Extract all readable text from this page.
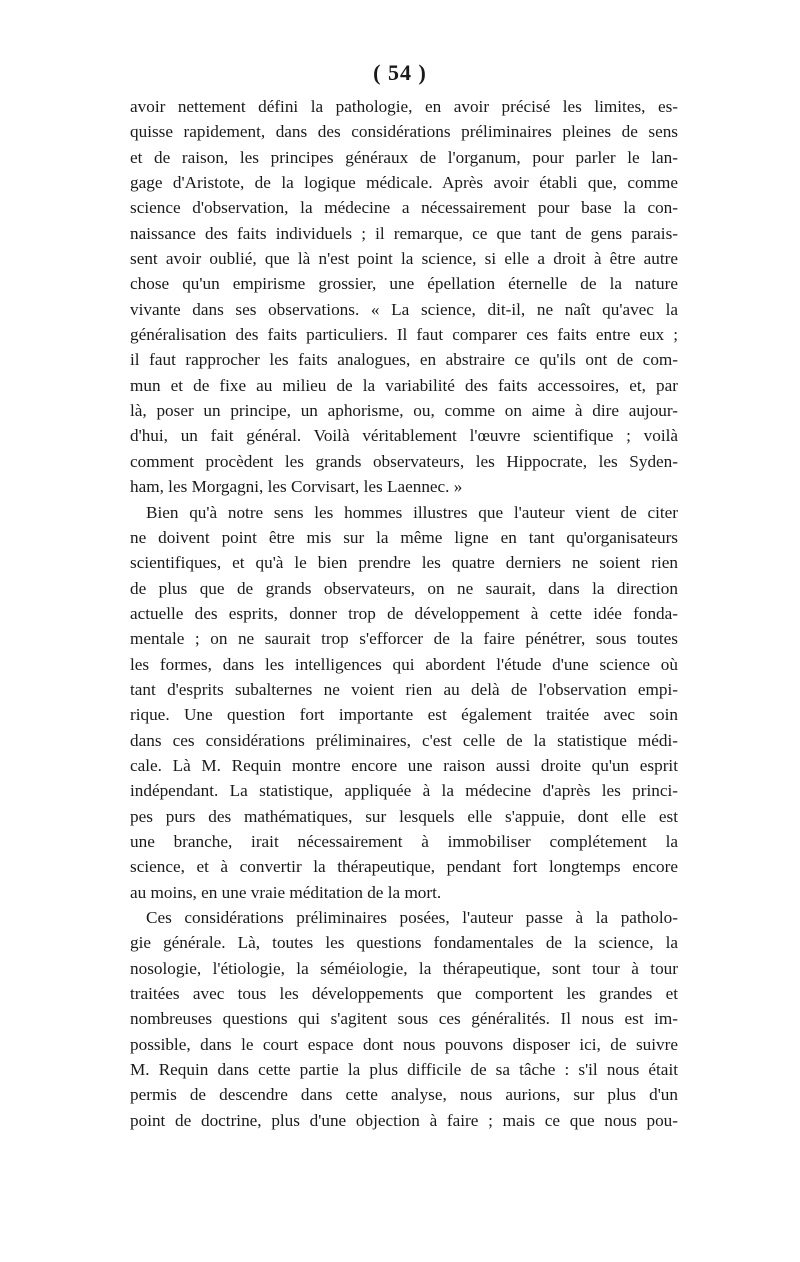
( 54 )
avoir nettement défini la pathologie, en avoir précisé les limites, es-
quisse rapidement, dans des considérations préliminaires pleines de sens
et de raison, les principes généraux de l'organum, pour parler le lan-
gage d'Aristote, de la logique médicale. Après avoir établi que, comme
science d'observation, la médecine a nécessairement pour base la con-
naissance des faits individuels ; il remarque, ce que tant de gens parais-
sent avoir oublié, que là n'est point la science, si elle a droit à être autre
chose qu'un empirisme grossier, une épellation éternelle de la nature
vivante dans ses observations. « La science, dit-il, ne naît qu'avec la
généralisation des faits particuliers. Il faut comparer ces faits entre eux ;
il faut rapprocher les faits analogues, en abstraire ce qu'ils ont de com-
mun et de fixe au milieu de la variabilité des faits accessoires, et, par
là, poser un principe, un aphorisme, ou, comme on aime à dire aujour-
d'hui, un fait général. Voilà véritablement l'œuvre scientifique ; voilà
comment procèdent les grands observateurs, les Hippocrate, les Syden-
ham, les Morgagni, les Corvisart, les Laennec. »
Bien qu'à notre sens les hommes illustres que l'auteur vient de citer
ne doivent point être mis sur la même ligne en tant qu'organisateurs
scientifiques, et qu'à le bien prendre les quatre derniers ne soient rien
de plus que de grands observateurs, on ne saurait, dans la direction
actuelle des esprits, donner trop de développement à cette idée fonda-
mentale ; on ne saurait trop s'efforcer de la faire pénétrer, sous toutes
les formes, dans les intelligences qui abordent l'étude d'une science où
tant d'esprits subalternes ne voient rien au delà de l'observation empi-
rique. Une question fort importante est également traitée avec soin
dans ces considérations préliminaires, c'est celle de la statistique médi-
cale. Là M. Requin montre encore une raison aussi droite qu'un esprit
indépendant. La statistique, appliquée à la médecine d'après les princi-
pes purs des mathématiques, sur lesquels elle s'appuie, dont elle est
une branche, irait nécessairement à immobiliser complétement la
science, et à convertir la thérapeutique, pendant fort longtemps encore
au moins, en une vraie méditation de la mort.
Ces considérations préliminaires posées, l'auteur passe à la patholo-
gie générale. Là, toutes les questions fondamentales de la science, la
nosologie, l'étiologie, la séméiologie, la thérapeutique, sont tour à tour
traitées avec tous les développements que comportent les grandes et
nombreuses questions qui s'agitent sous ces généralités. Il nous est im-
possible, dans le court espace dont nous pouvons disposer ici, de suivre
M. Requin dans cette partie la plus difficile de sa tâche : s'il nous était
permis de descendre dans cette analyse, nous aurions, sur plus d'un
point de doctrine, plus d'une objection à faire ; mais ce que nous pou-
